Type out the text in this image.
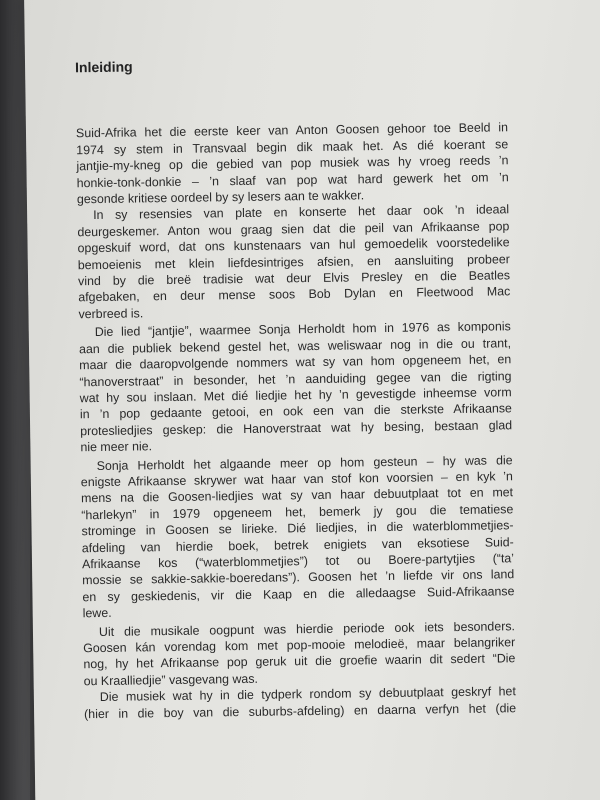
Inleiding

Suid-Afrika het die eerste keer van Anton Goosen gehoor toe Beeld in
1974 sy stem in Transvaal begin dik maak het. As dié koerant se
jantjie-my-kneg op die gebied van pop musiek was hy vroeg reeds ’n
honkie-tonk-donkie – ’n slaaf van pop wat hard gewerk het om ’n
gesonde kritiese oordeel by sy lesers aan te wakker.

In sy resensies van plate en konserte het daar ook ’n ideaal
deurgeskemer. Anton wou graag sien dat die peil van Afrikaanse pop
opgeskuif word, dat ons kunstenaars van hul gemoedelik voorstedelike
bemoeienis met klein liefdesintriges afsien, en aansluiting probeer
vind by die breë tradisie wat deur Elvis Presley en die Beatles
afgebaken, en deur mense soos Bob Dylan en Fleetwood Mac
verbreed is.

Die lied “jantjie”, waarmee Sonja Herholdt hom in 1976 as komponis
aan die publiek bekend gestel het, was weliswaar nog in die ou trant,
maar die daaropvolgende nommers wat sy van hom opgeneem het, en
“hanoverstraat” in besonder, het ’n aanduiding gegee van die rigting
wat hy sou inslaan. Met dié liedjie het hy ’n gevestigde inheemse vorm
in ’n pop gedaante getooi, en ook een van die sterkste Afrikaanse
protesliedjies geskep: die Hanoverstraat wat hy besing, bestaan glad
nie meer nie.

Sonja Herholdt het algaande meer op hom gesteun – hy was die
enigste Afrikaanse skrywer wat haar van stof kon voorsien – en kyk ’n
mens na die Goosen-liedjies wat sy van haar debuutplaat tot en met
“harlekyn” in 1979 opgeneem het, bemerk jy gou die tematiese
strominge in Goosen se lirieke. Dié liedjies, in die waterblommetjies-
afdeling van hierdie boek, betrek enigiets van eksotiese Suid-
Afrikaanse kos (“waterblommetjies”) tot ou Boere-partytjies (“ta’
mossie se sakkie-sakkie-boeredans”). Goosen het ’n liefde vir ons land
en sy geskiedenis, vir die Kaap en die alledaagse Suid-Afrikaanse
lewe.

Uit die musikale oogpunt was hierdie periode ook iets besonders.
Goosen kán vorendag kom met pop-mooie melodieë, maar belangriker
nog, hy het Afrikaanse pop geruk uit die groefie waarin dit sedert “Die
ou Kraalliedjie” vasgevang was.

Die musiek wat hy in die tydperk rondom sy debuutplaat geskryf het
(hier in die boy van die suburbs-afdeling) en daarna verfyn het (die
